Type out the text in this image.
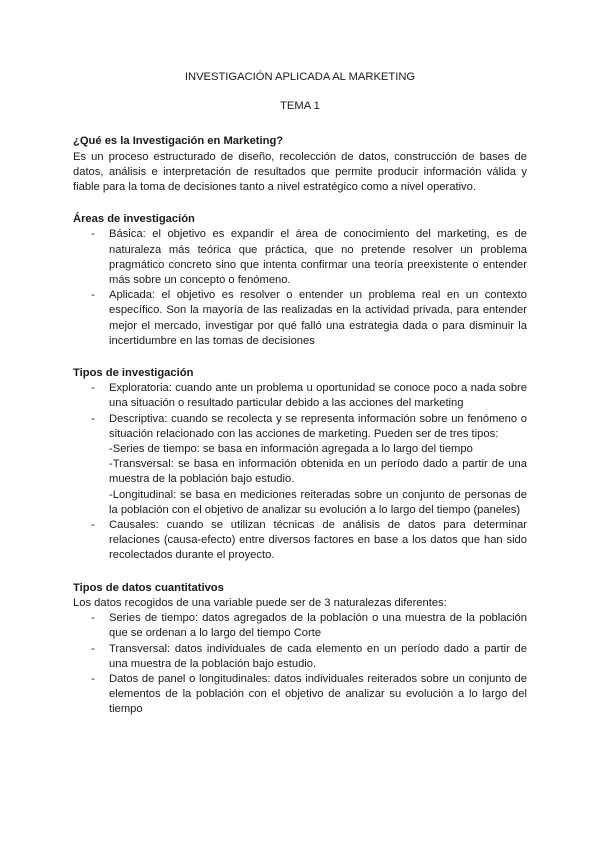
INVESTIGACIÓN APLICADA AL MARKETING

TEMA 1

¿Qué es la Investigación en Marketing?

Es un proceso estructurado de diseño, recolección de datos, construcción de bases de datos, análisis e interpretación de resultados que permite producir información válida y fiable para la toma de decisiones tanto a nivel estratégico como a nivel operativo.

Áreas de investigación

- Básica: el objetivo es expandir el área de conocimiento del marketing, es de naturaleza más teórica que práctica, que no pretende resolver un problema pragmático concreto sino que intenta confirmar una teoría preexistente o entender más sobre un concepto o fenómeno.
- Aplicada: el objetivo es resolver o entender un problema real en un contexto específico. Son la mayoría de las realizadas en la actividad privada, para entender mejor el mercado, investigar por qué falló una estrategia dada o para disminuir la incertidumbre en las tomas de decisiones

Tipos de investigación

- Exploratoria: cuando ante un problema u oportunidad se conoce poco a nada sobre una situación o resultado particular debido a las acciones del marketing
- Descriptiva: cuando se recolecta y se representa información sobre un fenómeno o situación relacionado con las acciones de marketing. Pueden ser de tres tipos:
-Series de tiempo: se basa en información agregada a lo largo del tiempo
-Transversal: se basa en información obtenida en un período dado a partir de una muestra de la población bajo estudio.
-Longitudinal: se basa en mediciones reiteradas sobre un conjunto de personas de la población con el objetivo de analizar su evolución a lo largo del tiempo (paneles)
- Causales: cuando se utilizan técnicas de análisis de datos para determinar relaciones (causa-efecto) entre diversos factores en base a los datos que han sido recolectados durante el proyecto.

Tipos de datos cuantitativos

Los datos recogidos de una variable puede ser de 3 naturalezas diferentes:

- Series de tiempo: datos agregados de la población o una muestra de la población que se ordenan a lo largo del tiempo Corte
- Transversal: datos individuales de cada elemento en un período dado a partir de una muestra de la población bajo estudio.
- Datos de panel o longitudinales: datos individuales reiterados sobre un conjunto de elementos de la población con el objetivo de analizar su evolución a lo largo del tiempo
